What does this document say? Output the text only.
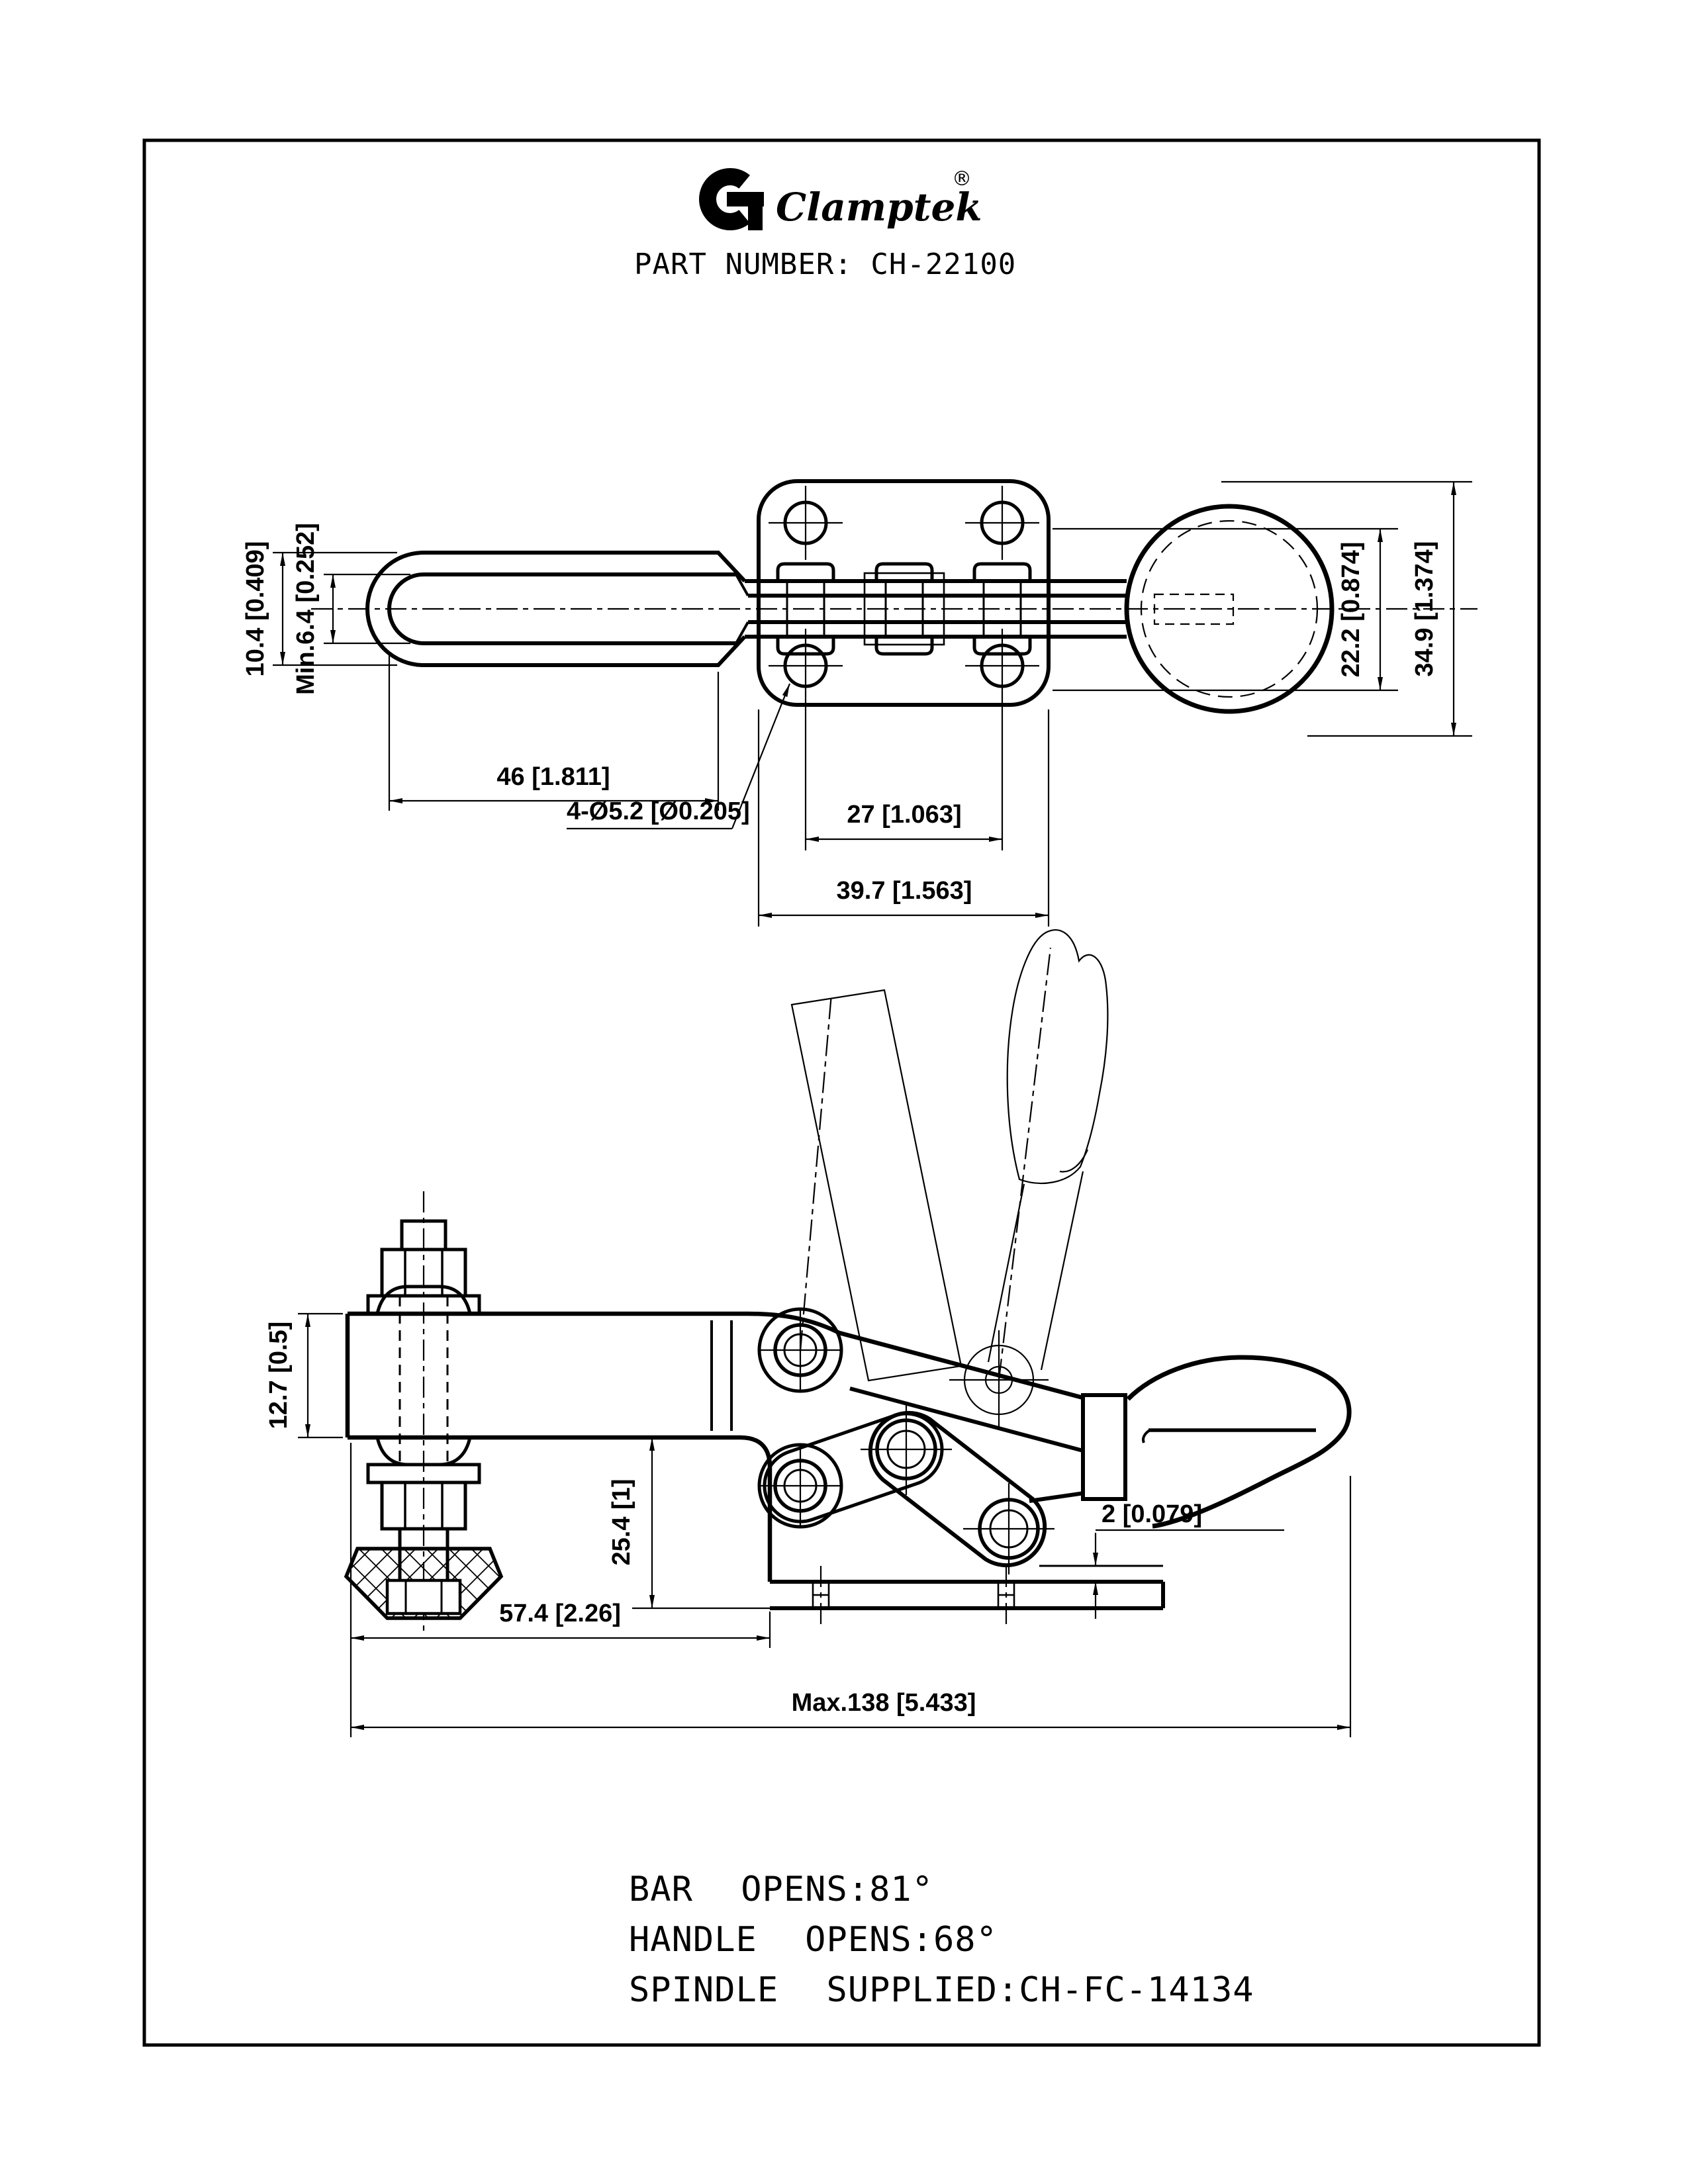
Clamptek
®
PART NUMBER: CH-22100
10.4 [0.409] Min.6.4 [0.252]
46 [1.811]
22.2 [0.874] 34.9 [1.374]
27 [1.063]
39.7 [1.563]
4-Ø5.2 [Ø0.205]
12.7 [0.5]
25.4 [1]
57.4 [2.26]
Max.138 [5.433]
2 [0.079]
BAR OPENS:81°
HANDLE OPENS:68°
SPINDLE SUPPLIED:CH-FC-14134
